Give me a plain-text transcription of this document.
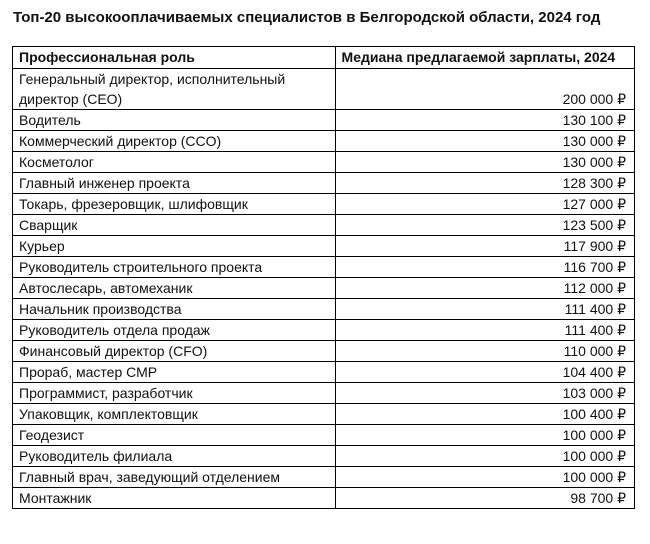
Топ-20 высокооплачиваемых специалистов в Белгородской области, 2024 год
Профессиональная роль	Медиана предлагаемой зарплаты, 2024
Генеральный директор, исполнительный директор (CEO)	200 000 ₽
Водитель	130 100 ₽
Коммерческий директор (CCO)	130 000 ₽
Косметолог	130 000 ₽
Главный инженер проекта	128 300 ₽
Токарь, фрезеровщик, шлифовщик	127 000 ₽
Сварщик	123 500 ₽
Курьер	117 900 ₽
Руководитель строительного проекта	116 700 ₽
Автослесарь, автомеханик	112 000 ₽
Начальник производства	111 400 ₽
Руководитель отдела продаж	111 400 ₽
Финансовый директор (CFO)	110 000 ₽
Прораб, мастер СМР	104 400 ₽
Программист, разработчик	103 000 ₽
Упаковщик, комплектовщик	100 400 ₽
Геодезист	100 000 ₽
Руководитель филиала	100 000 ₽
Главный врач, заведующий отделением	100 000 ₽
Монтажник	98 700 ₽
